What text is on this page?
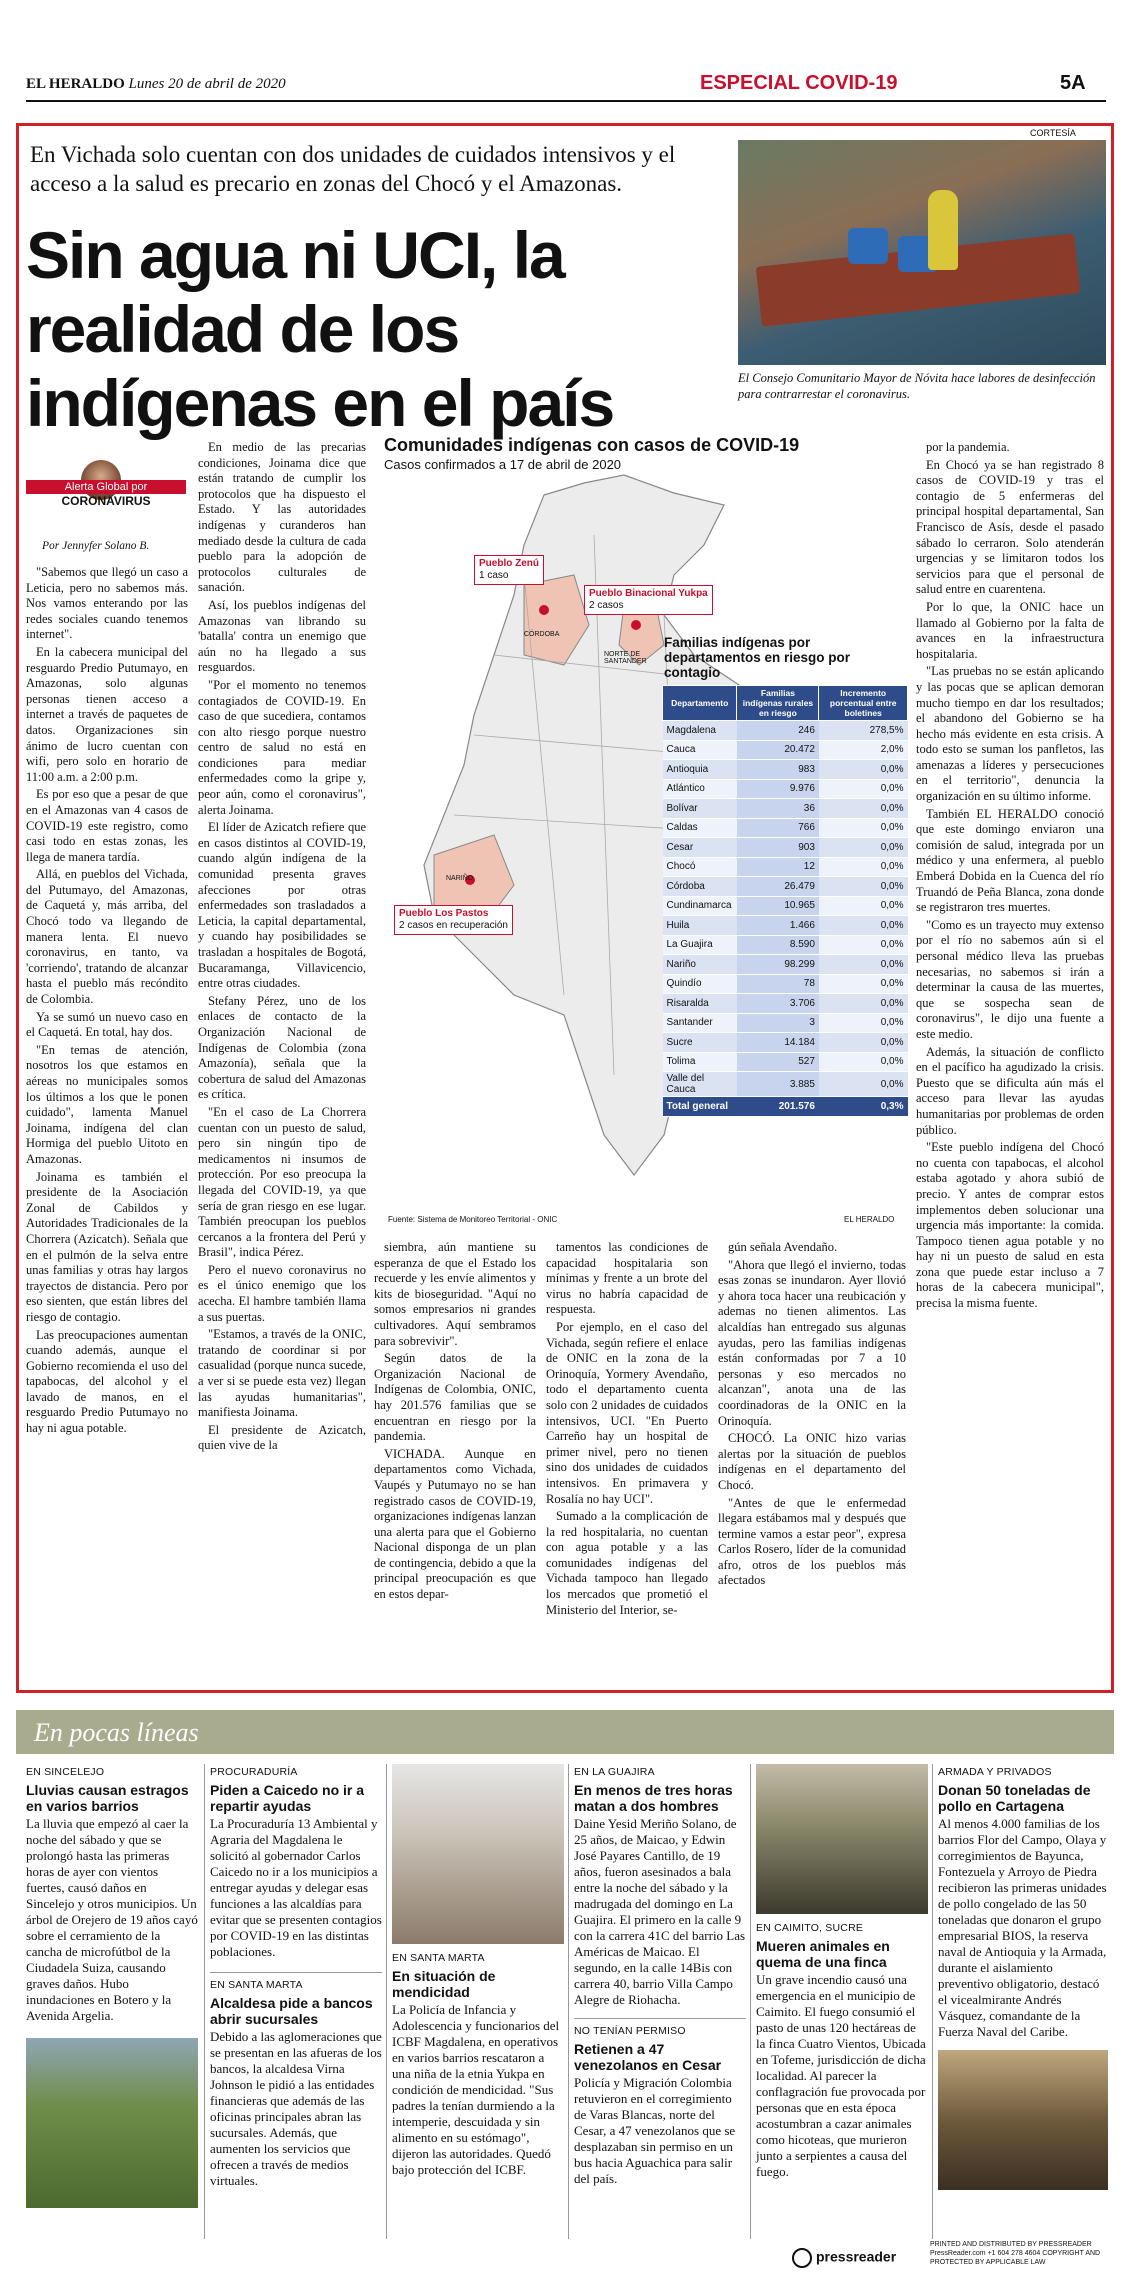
EL HERALDO Lunes 20 de abril de 2020	ESPECIAL COVID-19	5A
En Vichada solo cuentan con dos unidades de cuidados intensivos y el acceso a la salud es precario en zonas del Chocó y el Amazonas.
Sin agua ni UCI, la realidad de los indígenas en el país
CORTESÍA
El Consejo Comunitario Mayor de Nóvita hace labores de desinfección para contrarrestar el coronavirus.
Alerta Global por
CORONAVIRUS
Por Jennyfer Solano B.

"Sabemos que llegó un caso a Leticia, pero no sabemos más. Nos vamos enterando por las redes sociales cuando tenemos internet".

En la cabecera municipal del resguardo Predio Putumayo, en Amazonas, solo algunas personas tienen acceso a internet a través de paquetes de datos. Organizaciones sin ánimo de lucro cuentan con wifi, pero solo en horario de 11:00 a.m. a 2:00 p.m.

Es por eso que a pesar de que en el Amazonas van 4 casos de COVID-19 este registro, como casi todo en estas zonas, les llega de manera tardía.

Allá, en pueblos del Vichada, del Putumayo, del Amazonas, de Caquetá y, más arriba, del Chocó todo va llegando de manera lenta. El nuevo coronavirus, en tanto, va 'corriendo', tratando de alcanzar hasta el pueblo más recóndito de Colombia.

Ya se sumó un nuevo caso en el Caquetá. En total, hay dos.

"En temas de atención, nosotros los que estamos en aéreas no municipales somos los últimos a los que le ponen cuidado", lamenta Manuel Joinama, indígena del clan Hormiga del pueblo Uitoto en Amazonas.

Joinama es también el presidente de la Asociación Zonal de Cabildos y Autoridades Tradicionales de la Chorrera (Azicatch). Señala que en el pulmón de la selva entre unas familias y otras hay largos trayectos de distancia. Pero por eso sienten, que están libres del riesgo de contagio.

Las preocupaciones aumentan cuando además, aunque el Gobierno recomienda el uso del tapabocas, del alcohol y el lavado de manos, en el resguardo Predio Putumayo no hay ni agua potable.

En medio de las precarias condiciones, Joinama dice que están tratando de cumplir los protocolos que ha dispuesto el Estado. Y las autoridades indígenas y curanderos han mediado desde la cultura de cada pueblo para la adopción de protocolos culturales de sanación.

Así, los pueblos indígenas del Amazonas van librando su 'batalla' contra un enemigo que aún no ha llegado a sus resguardos.

"Por el momento no tenemos contagiados de COVID-19. En caso de que sucediera, contamos con alto riesgo porque nuestro centro de salud no está en condiciones para mediar enfermedades como la gripe y, peor aún, como el coronavirus", alerta Joinama.

El líder de Azicatch refiere que en casos distintos al COVID-19, cuando algún indígena de la comunidad presenta graves afecciones por otras enfermedades son trasladados a Leticia, la capital departamental, y cuando hay posibilidades se trasladan a hospitales de Bogotá, Bucaramanga, Villavicencio, entre otras ciudades.

Stefany Pérez, uno de los enlaces de contacto de la Organización Nacional de Indígenas de Colombia (zona Amazonía), señala que la cobertura de salud del Amazonas es crítica.

"En el caso de La Chorrera cuentan con un puesto de salud, pero sin ningún tipo de medicamentos ni insumos de protección. Por eso preocupa la llegada del COVID-19, ya que sería de gran riesgo en ese lugar. También preocupan los pueblos cercanos a la frontera del Perú y Brasil", indica Pérez.

Pero el nuevo coronavirus no es el único enemigo que los acecha. El hambre también llama a sus puertas.

"Estamos, a través de la ONIC, tratando de coordinar si por casualidad (porque nunca sucede, a ver si se puede esta vez) llegan las ayudas humanitarias", manifiesta Joinama.

El presidente de Azicatch, quien vive de la

siembra, aún mantiene su esperanza de que el Estado los recuerde y les envíe alimentos y kits de bioseguridad. "Aquí no somos empresarios ni grandes cultivadores. Aquí sembramos para sobrevivir".

Según datos de la Organización Nacional de Indígenas de Colombia, ONIC, hay 201.576 familias que se encuentran en riesgo por la pandemia.

VICHADA. Aunque en departamentos como Vichada, Vaupés y Putumayo no se han registrado casos de COVID-19, organizaciones indígenas lanzan una alerta para que el Gobierno Nacional disponga de un plan de contingencia, debido a que la principal preocupación es que en estos depar-

tamentos las condiciones de capacidad hospitalaria son mínimas y frente a un brote del virus no habría capacidad de respuesta.

Por ejemplo, en el caso del Vichada, según refiere el enlace de ONIC en la zona de la Orinoquía, Yormery Avendaño, todo el departamento cuenta solo con 2 unidades de cuidados intensivos, UCI. "En Puerto Carreño hay un hospital de primer nivel, pero no tienen sino dos unidades de cuidados intensivos. En primavera y Rosalía no hay UCI".

Sumado a la complicación de la red hospitalaria, no cuentan con agua potable y a las comunidades indígenas del Vichada tampoco han llegado los mercados que prometió el Ministerio del Interior, se-

gún señala Avendaño.

"Ahora que llegó el invierno, todas esas zonas se inundaron. Ayer llovió y ahora toca hacer una reubicación y ademas no tienen alimentos. Las alcaldías han entregado sus algunas ayudas, pero las familias indígenas están conformadas por 7 a 10 personas y eso mercados no alcanzan", anota una de las coordinadoras de la ONIC en la Orinoquía.

CHOCÓ. La ONIC hizo varias alertas por la situación de pueblos indígenas en el departamento del Chocó.

"Antes de que le enfermedad llegara estábamos mal y después que termine vamos a estar peor", expresa Carlos Rosero, líder de la comunidad afro, otros de los pueblos más afectados

por la pandemia.

En Chocó ya se han registrado 8 casos de COVID-19 y tras el contagio de 5 enfermeras del principal hospital departamental, San Francisco de Asís, desde el pasado sábado lo cerraron. Solo atenderán urgencias y se limitaron todos los servicios para que el personal de salud entre en cuarentena.

Por lo que, la ONIC hace un llamado al Gobierno por la falta de avances en la infraestructura hospitalaria.

"Las pruebas no se están aplicando y las pocas que se aplican demoran mucho tiempo en dar los resultados; el abandono del Gobierno se ha hecho más evidente en esta crisis. A todo esto se suman los panfletos, las amenazas a líderes y persecuciones en el territorio", denuncia la organización en su último informe.

También EL HERALDO conoció que este domingo enviaron una comisión de salud, integrada por un médico y una enfermera, al pueblo Emberá Dobida en la Cuenca del río Truandó de Peña Blanca, zona donde se registraron tres muertes.

"Como es un trayecto muy extenso por el río no sabemos aún si el personal médico lleva las pruebas necesarias, no sabemos si irán a determinar la causa de las muertes, que se sospecha sean de coronavirus", le dijo una fuente a este medio.

Además, la situación de conflicto en el pacífico ha agudizado la crisis. Puesto que se dificulta aún más el acceso para llevar las ayudas humanitarias por problemas de orden público.

"Este pueblo indígena del Chocó no cuenta con tapabocas, el alcohol estaba agotado y ahora subió de precio. Y antes de comprar estos implementos deben solucionar una urgencia más importante: la comida. Tampoco tienen agua potable y no hay ni un puesto de salud en esta zona que puede estar incluso a 7 horas de la cabecera municipal", precisa la misma fuente.

Comunidades indígenas con casos de COVID-19
Casos confirmados a 17 de abril de 2020
Pueblo Zenú
1 caso
Pueblo Binacional Yukpa
2 casos
Pueblo Los Pastos
2 casos en recuperación
CÓRDOBA
NORTE DE SANTANDER
NARIÑO
Familias indígenas por departamentos en riesgo por contagio
Departamento	Familias indígenas rurales en riesgo	Incremento porcentual entre boletines
Magdalena	246	278,5%
Cauca	20.472	2,0%
Antioquia	983	0,0%
Atlántico	9.976	0,0%
Bolívar	36	0,0%
Caldas	766	0,0%
Cesar	903	0,0%
Chocó	12	0,0%
Córdoba	26.479	0,0%
Cundinamarca	10.965	0,0%
Huila	1.466	0,0%
La Guajira	8.590	0,0%
Nariño	98.299	0,0%
Quindío	78	0,0%
Risaralda	3.706	0,0%
Santander	3	0,0%
Sucre	14.184	0,0%
Tolima	527	0,0%
Valle del Cauca	3.885	0,0%
Total general	201.576	0,3%
Fuente: Sistema de Monitoreo Territorial - ONIC	EL HERALDO
En pocas líneas
EN SINCELEJO
Lluvias causan estragos en varios barrios
La lluvia que empezó al caer la noche del sábado y que se prolongó hasta las primeras horas de ayer con vientos fuertes, causó daños en Sincelejo y otros municipios. Un árbol de Orejero de 19 años cayó sobre el cerramiento de la cancha de microfútbol de la Ciudadela Suiza, causando graves daños. Hubo inundaciones en Botero y la Avenida Argelia.
PROCURADURÍA
Piden a Caicedo no ir a repartir ayudas
La Procuraduría 13 Ambiental y Agraria del Magdalena le solicitó al gobernador Carlos Caicedo no ir a los municipios a entregar ayudas y delegar esas funciones a las alcaldías para evitar que se presenten contagios por COVID-19 en las distintas poblaciones.
EN SANTA MARTA
Alcaldesa pide a bancos abrir sucursales
Debido a las aglomeraciones que se presentan en las afueras de los bancos, la alcaldesa Virna Johnson le pidió a las entidades financieras que además de las oficinas principales abran las sucursales. Además, que aumenten los servicios que ofrecen a través de medios virtuales.
EN SANTA MARTA
En situación de mendicidad
La Policía de Infancia y Adolescencia y funcionarios del ICBF Magdalena, en operativos en varios barrios rescataron a una niña de la etnia Yukpa en condición de mendicidad. "Sus padres la tenían durmiendo a la intemperie, descuidada y sin alimento en su estómago", dijeron las autoridades. Quedó bajo protección del ICBF.
EN LA GUAJIRA
En menos de tres horas matan a dos hombres
Daine Yesid Meriño Solano, de 25 años, de Maicao, y Edwin José Payares Cantillo, de 19 años, fueron asesinados a bala entre la noche del sábado y la madrugada del domingo en La Guajira. El primero en la calle 9 con la carrera 41C del barrio Las Américas de Maicao. El segundo, en la calle 14Bis con carrera 40, barrio Villa Campo Alegre de Riohacha.
NO TENÍAN PERMISO
Retienen a 47 venezolanos en Cesar
Policía y Migración Colombia retuvieron en el corregimiento de Varas Blancas, norte del Cesar, a 47 venezolanos que se desplazaban sin permiso en un bus hacia Aguachica para salir del país.
EN CAIMITO, SUCRE
Mueren animales en quema de una finca
Un grave incendio causó una emergencia en el municipio de Caimito. El fuego consumió el pasto de unas 120 hectáreas de la finca Cuatro Vientos, Ubicada en Tofeme, jurisdicción de dicha localidad. Al parecer la conflagración fue provocada por personas que en esta época acostumbran a cazar animales como hicoteas, que murieron junto a serpientes a causa del fuego.
ARMADA Y PRIVADOS
Donan 50 toneladas de pollo en Cartagena
Al menos 4.000 familias de los barrios Flor del Campo, Olaya y corregimientos de Bayunca, Fontezuela y Arroyo de Piedra recibieron las primeras unidades de pollo congelado de las 50 toneladas que donaron el grupo empresarial BIOS, la reserva naval de Antioquia y la Armada, durante el aislamiento preventivo obligatorio, destacó el vicealmirante Andrés Vásquez, comandante de la Fuerza Naval del Caribe.
pressreader
PRINTED AND DISTRIBUTED BY PRESSREADER PressReader.com +1 604 278 4604 COPYRIGHT AND PROTECTED BY APPLICABLE LAW
